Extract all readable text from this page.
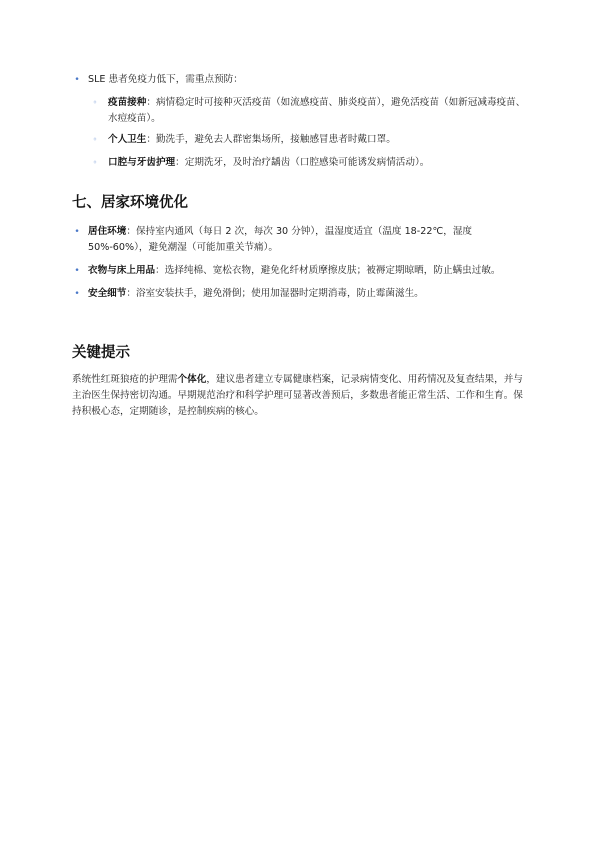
• SLE 患者免疫力低下，需重点预防：
◦ 疫苗接种：病情稳定时可接种灭活疫苗（如流感疫苗、肺炎疫苗），避免活疫苗（如新冠减毒疫苗、水痘疫苗）。
◦ 个人卫生：勤洗手，避免去人群密集场所，接触感冒患者时戴口罩。
◦ 口腔与牙齿护理：定期洗牙，及时治疗龋齿（口腔感染可能诱发病情活动）。
七、居家环境优化
• 居住环境：保持室内通风（每日 2 次，每次 30 分钟），温湿度适宜（温度 18-22℃，湿度 50%-60%），避免潮湿（可能加重关节痛）。
• 衣物与床上用品：选择纯棉、宽松衣物，避免化纤材质摩擦皮肤；被褥定期晾晒，防止螨虫过敏。
• 安全细节：浴室安装扶手，避免滑倒；使用加湿器时定期消毒，防止霉菌滋生。
关键提示

系统性红斑狼疮的护理需个体化，建议患者建立专属健康档案，记录病情变化、用药情况及复查结果，并与主治医生保持密切沟通。早期规范治疗和科学护理可显著改善预后，多数患者能正常生活、工作和生育。保持积极心态，定期随诊，是控制疾病的核心。
